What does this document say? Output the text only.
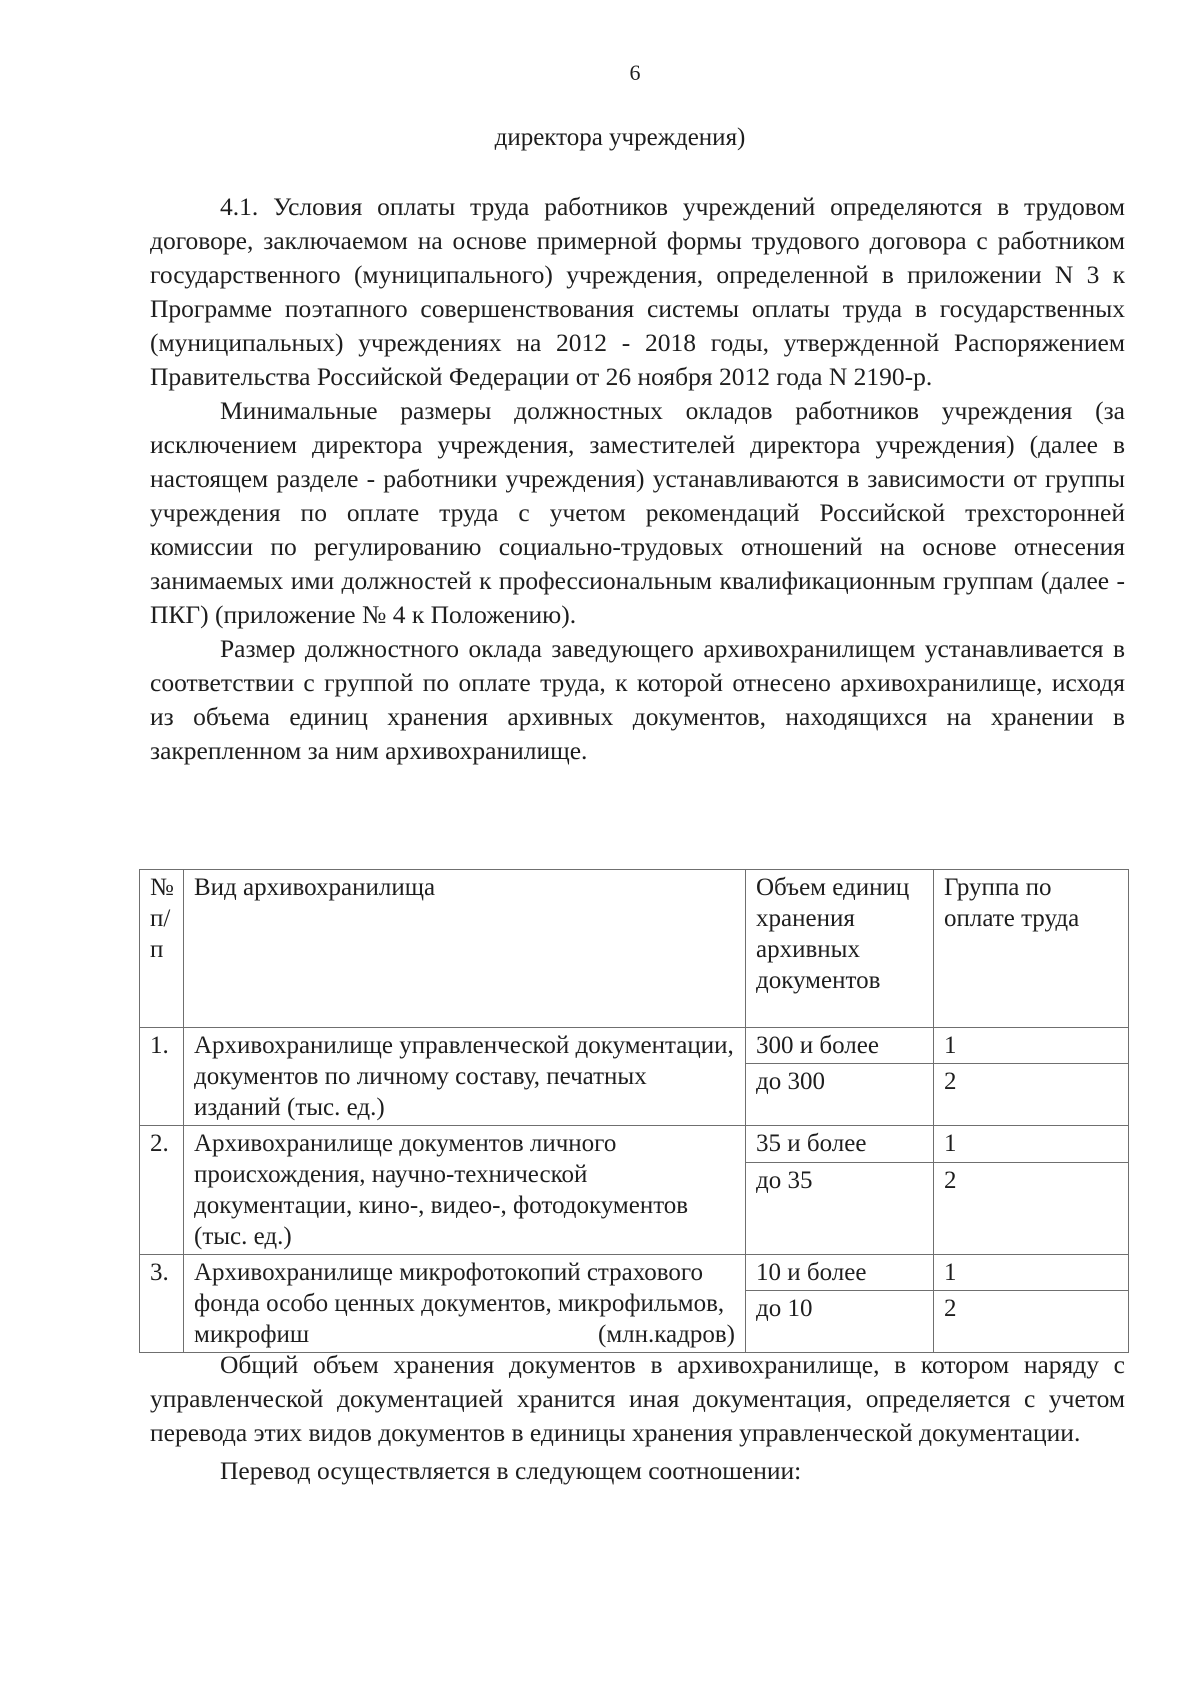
6
директора учреждения)

4.1. Условия оплаты труда работников учреждений определяются в трудовом договоре, заключаемом на основе примерной формы трудового договора с работником государственного (муниципального) учреждения, определенной в приложении N 3 к Программе поэтапного совершенствования системы оплаты труда в государственных (муниципальных) учреждениях на 2012 - 2018 годы, утвержденной Распоряжением Правительства Российской Федерации от 26 ноября 2012 года N 2190-р.

Минимальные размеры должностных окладов работников учреждения (за исключением директора учреждения, заместителей директора учреждения) (далее в настоящем разделе - работники учреждения) устанавливаются в зависимости от группы учреждения по оплате труда с учетом рекомендаций Российской трехсторонней комиссии по регулированию социально-трудовых отношений на основе отнесения занимаемых ими должностей к профессиональным квалификационным группам (далее - ПКГ) (приложение № 4 к Положению).

Размер должностного оклада заведующего архивохранилищем устанавливается в соответствии с группой по оплате труда, к которой отнесено архивохранилище, исходя из объема единиц хранения архивных документов, находящихся на хранении в закрепленном за ним архивохранилище.

№ п/п	Вид архивохранилища	Объем единиц хранения архивных документов	Группа по оплате труда
1.	Архивохранилище управленческой документации, документов по личному составу, печатных изданий (тыс. ед.)	300 и более	1
		до 300	2
2.	Архивохранилище документов личного происхождения, научно-технической документации, кино-, видео-, фотодокументов (тыс. ед.)	35 и более	1
		до 35	2
3.	Архивохранилище микрофотокопий страхового фонда особо ценных документов, микрофильмов, микрофиш (млн.кадров)	10 и более	1
		до 10	2

Общий объем хранения документов в архивохранилище, в котором наряду с управленческой документацией хранится иная документация, определяется с учетом перевода этих видов документов в единицы хранения управленческой документации.

Перевод осуществляется в следующем соотношении:
